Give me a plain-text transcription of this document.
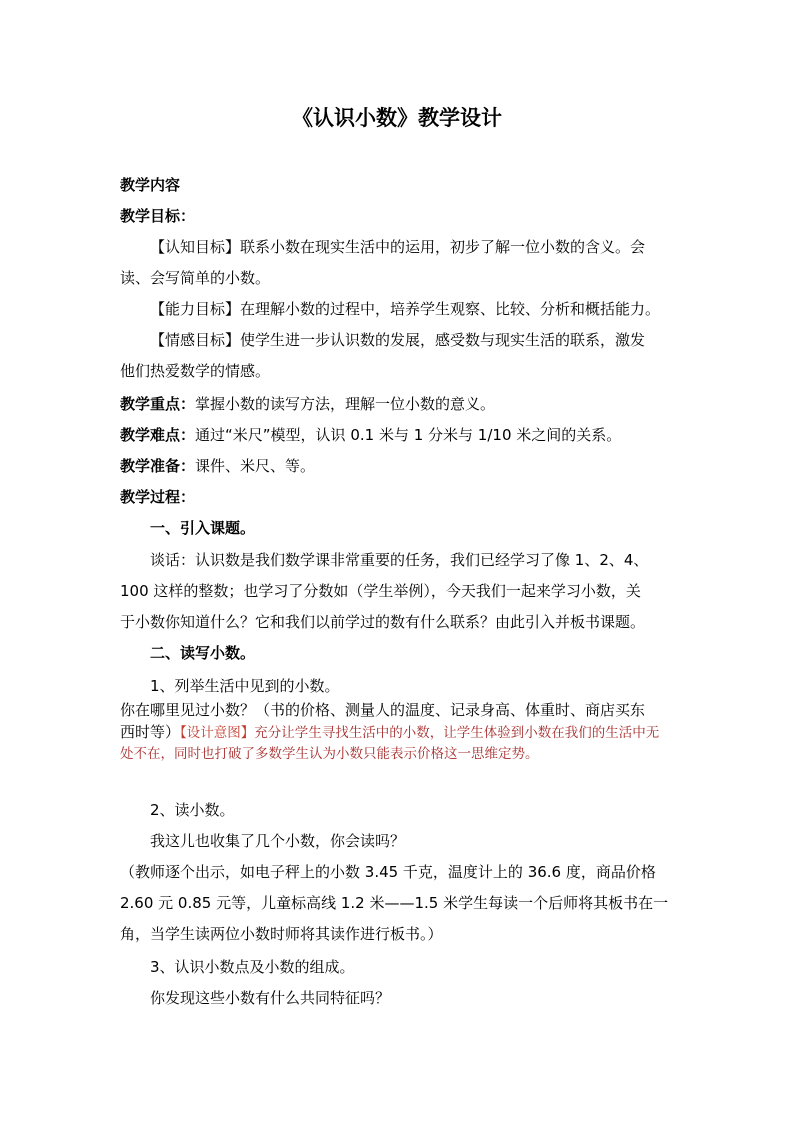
《认识小数》教学设计
教学内容
教学目标：
【认知目标】联系小数在现实生活中的运用，初步了解一位小数的含义。会
读、会写简单的小数。
【能力目标】在理解小数的过程中，培养学生观察、比较、分析和概括能力。
【情感目标】使学生进一步认识数的发展，感受数与现实生活的联系，激发
他们热爱数学的情感。
教学重点：掌握小数的读写方法，理解一位小数的意义。
教学难点：通过“米尺”模型，认识 0.1 米与 1 分米与 1/10 米之间的关系。
教学准备：课件、米尺、等。
教学过程：
一、引入课题。
谈话：认识数是我们数学课非常重要的任务，我们已经学习了像 1、2、4、
100 这样的整数；也学习了分数如（学生举例），今天我们一起来学习小数，关
于小数你知道什么？它和我们以前学过的数有什么联系？由此引入并板书课题。
二、读写小数。
1、列举生活中见到的小数。
你在哪里见过小数？（书的价格、测量人的温度、记录身高、体重时、商店买东
西时等）【设计意图】充分让学生寻找生活中的小数，让学生体验到小数在我们的生活中无
处不在，同时也打破了多数学生认为小数只能表示价格这一思维定势。
2、读小数。
我这儿也收集了几个小数，你会读吗？
（教师逐个出示，如电子秤上的小数 3.45 千克，温度计上的 36.6 度，商品价格
2.60 元 0.85 元等，儿童标高线 1.2 米——1.5 米学生每读一个后师将其板书在一
角，当学生读两位小数时师将其读作进行板书。）
3、认识小数点及小数的组成。
你发现这些小数有什么共同特征吗？
